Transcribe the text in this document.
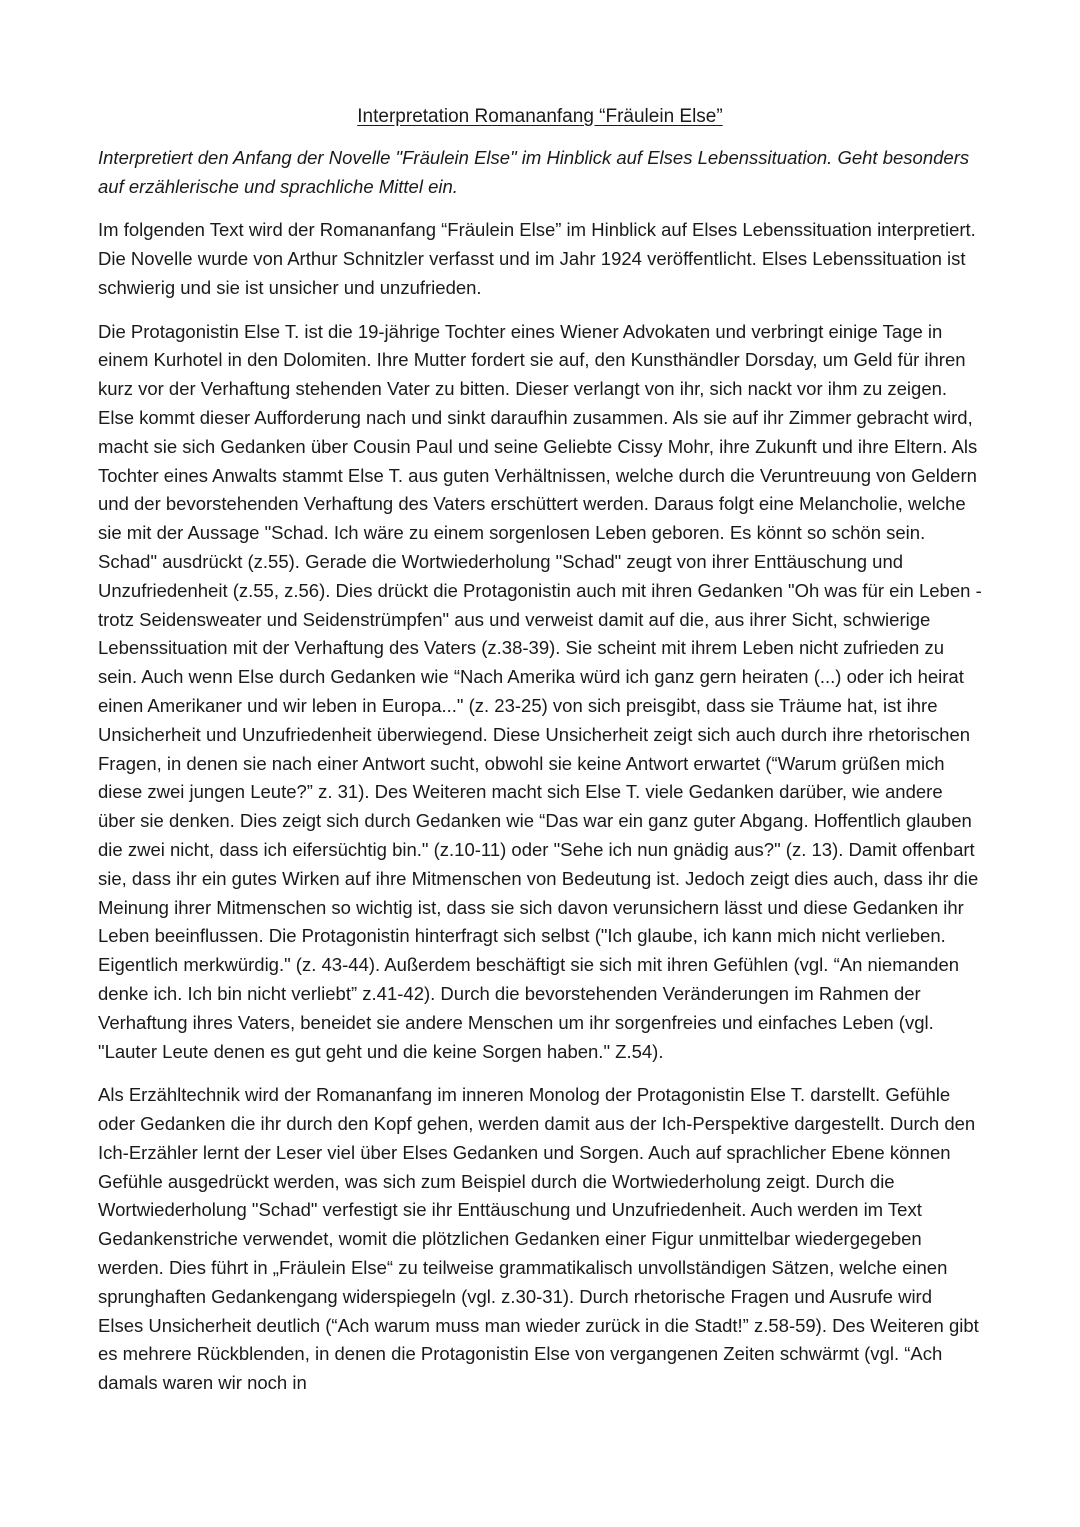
Interpretation Romananfang “Fräulein Else”

Interpretiert den Anfang der Novelle "Fräulein Else" im Hinblick auf Elses Lebenssituation. Geht besonders auf erzählerische und sprachliche Mittel ein.

Im folgenden Text wird der Romananfang “Fräulein Else” im Hinblick auf Elses Lebenssituation interpretiert. Die Novelle wurde von Arthur Schnitzler verfasst und im Jahr 1924 veröffentlicht. Elses Lebenssituation ist schwierig und sie ist unsicher und unzufrieden.

Die Protagonistin Else T. ist die 19-jährige Tochter eines Wiener Advokaten und verbringt einige Tage in einem Kurhotel in den Dolomiten. Ihre Mutter fordert sie auf, den Kunsthändler Dorsday, um Geld für ihren kurz vor der Verhaftung stehenden Vater zu bitten. Dieser verlangt von ihr, sich nackt vor ihm zu zeigen. Else kommt dieser Aufforderung nach und sinkt daraufhin zusammen. Als sie auf ihr Zimmer gebracht wird, macht sie sich Gedanken über Cousin Paul und seine Geliebte Cissy Mohr, ihre Zukunft und ihre Eltern. Als Tochter eines Anwalts stammt Else T. aus guten Verhältnissen, welche durch die Veruntreuung von Geldern und der bevorstehenden Verhaftung des Vaters erschüttert werden. Daraus folgt eine Melancholie, welche sie mit der Aussage "Schad. Ich wäre zu einem sorgenlosen Leben geboren. Es könnt so schön sein. Schad" ausdrückt (z.55). Gerade die Wortwiederholung "Schad" zeugt von ihrer Enttäuschung und Unzufriedenheit (z.55, z.56). Dies drückt die Protagonistin auch mit ihren Gedanken "Oh was für ein Leben - trotz Seidensweater und Seidenstrümpfen" aus und verweist damit auf die, aus ihrer Sicht, schwierige Lebenssituation mit der Verhaftung des Vaters (z.38-39). Sie scheint mit ihrem Leben nicht zufrieden zu sein. Auch wenn Else durch Gedanken wie “Nach Amerika würd ich ganz gern heiraten (...) oder ich heirat einen Amerikaner und wir leben in Europa..." (z. 23-25) von sich preisgibt, dass sie Träume hat, ist ihre Unsicherheit und Unzufriedenheit überwiegend. Diese Unsicherheit zeigt sich auch durch ihre rhetorischen Fragen, in denen sie nach einer Antwort sucht, obwohl sie keine Antwort erwartet (“Warum grüßen mich diese zwei jungen Leute?” z. 31). Des Weiteren macht sich Else T. viele Gedanken darüber, wie andere über sie denken. Dies zeigt sich durch Gedanken wie “Das war ein ganz guter Abgang. Hoffentlich glauben die zwei nicht, dass ich eifersüchtig bin." (z.10-11) oder "Sehe ich nun gnädig aus?" (z. 13). Damit offenbart sie, dass ihr ein gutes Wirken auf ihre Mitmenschen von Bedeutung ist. Jedoch zeigt dies auch, dass ihr die Meinung ihrer Mitmenschen so wichtig ist, dass sie sich davon verunsichern lässt und diese Gedanken ihr Leben beeinflussen. Die Protagonistin hinterfragt sich selbst ("Ich glaube, ich kann mich nicht verlieben. Eigentlich merkwürdig." (z. 43-44). Außerdem beschäftigt sie sich mit ihren Gefühlen (vgl. “An niemanden denke ich. Ich bin nicht verliebt” z.41-42). Durch die bevorstehenden Veränderungen im Rahmen der Verhaftung ihres Vaters, beneidet sie andere Menschen um ihr sorgenfreies und einfaches Leben (vgl. "Lauter Leute denen es gut geht und die keine Sorgen haben." Z.54).

Als Erzähltechnik wird der Romananfang im inneren Monolog der Protagonistin Else T. darstellt. Gefühle oder Gedanken die ihr durch den Kopf gehen, werden damit aus der Ich-Perspektive dargestellt. Durch den Ich-Erzähler lernt der Leser viel über Elses Gedanken und Sorgen. Auch auf sprachlicher Ebene können Gefühle ausgedrückt werden, was sich zum Beispiel durch die Wortwiederholung zeigt. Durch die Wortwiederholung "Schad" verfestigt sie ihr Enttäuschung und Unzufriedenheit. Auch werden im Text Gedankenstriche verwendet, womit die plötzlichen Gedanken einer Figur unmittelbar wiedergegeben werden. Dies führt in „Fräulein Else“ zu teilweise grammatikalisch unvollständigen Sätzen, welche einen sprunghaften Gedankengang widerspiegeln (vgl. z.30-31). Durch rhetorische Fragen und Ausrufe wird Elses Unsicherheit deutlich (“Ach warum muss man wieder zurück in die Stadt!” z.58-59). Des Weiteren gibt es mehrere Rückblenden, in denen die Protagonistin Else von vergangenen Zeiten schwärmt (vgl. “Ach damals waren wir noch in
